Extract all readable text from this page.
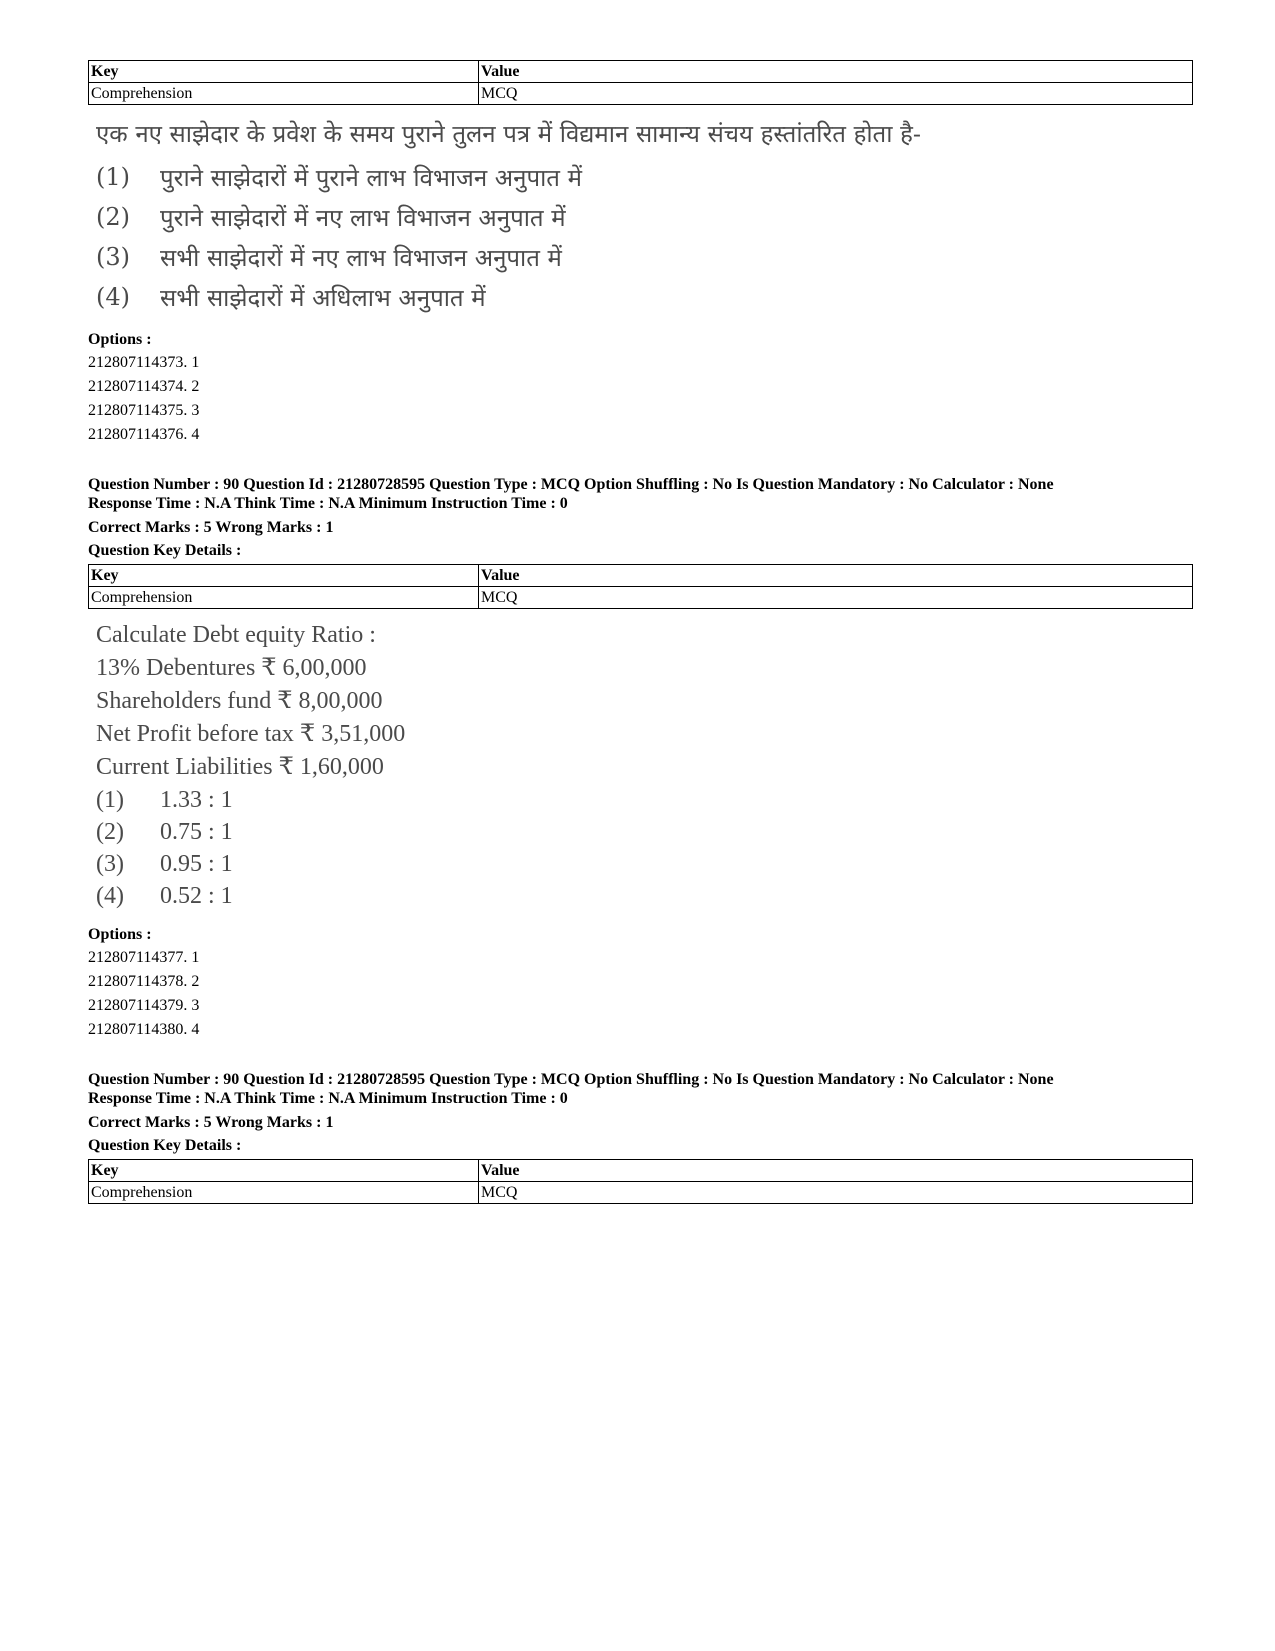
Key	Value
Comprehension	MCQ
एक नए साझेदार के प्रवेश के समय पुराने तुलन पत्र में विद्यमान सामान्य संचय हस्तांतरित होता है-
(1)	पुराने साझेदारों में पुराने लाभ विभाजन अनुपात में
(2)	पुराने साझेदारों में नए लाभ विभाजन अनुपात में
(3)	सभी साझेदारों में नए लाभ विभाजन अनुपात में
(4)	सभी साझेदारों में अधिलाभ अनुपात में
Options :
212807114373. 1
212807114374. 2
212807114375. 3
212807114376. 4
Question Number : 90 Question Id : 21280728595 Question Type : MCQ Option Shuffling : No Is Question Mandatory : No Calculator : None
Response Time : N.A Think Time : N.A Minimum Instruction Time : 0
Correct Marks : 5 Wrong Marks : 1
Question Key Details :
Key	Value
Comprehension	MCQ
Calculate Debt equity Ratio :
13% Debentures ₹ 6,00,000
Shareholders fund ₹ 8,00,000
Net Profit before tax ₹ 3,51,000
Current Liabilities ₹ 1,60,000
(1)	1.33 : 1
(2)	0.75 : 1
(3)	0.95 : 1
(4)	0.52 : 1
Options :
212807114377. 1
212807114378. 2
212807114379. 3
212807114380. 4
Question Number : 90 Question Id : 21280728595 Question Type : MCQ Option Shuffling : No Is Question Mandatory : No Calculator : None
Response Time : N.A Think Time : N.A Minimum Instruction Time : 0
Correct Marks : 5 Wrong Marks : 1
Question Key Details :
Key	Value
Comprehension	MCQ
